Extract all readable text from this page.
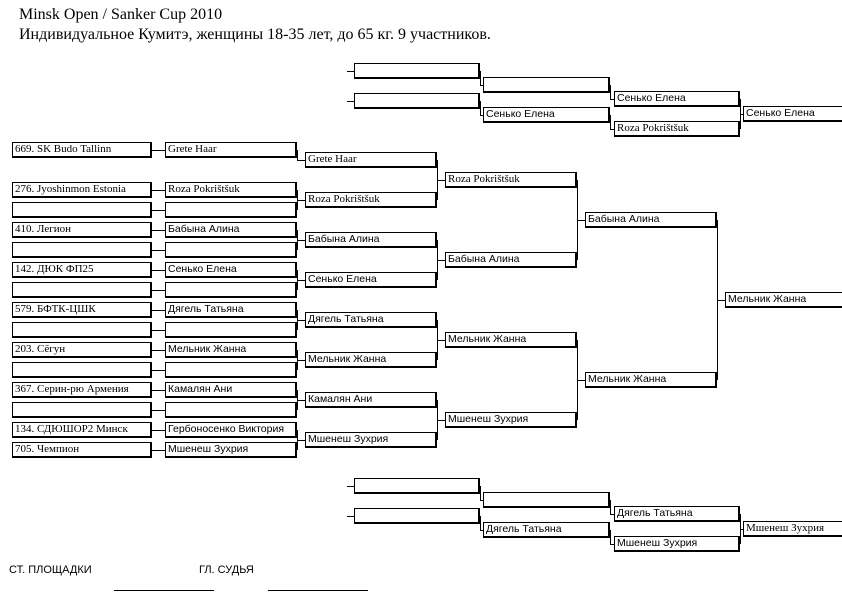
Minsk Open / Sanker Cup 2010
Индивидуальное Кумитэ, женщины 18-35 лет, до 65 кг. 9 участников.
669. SK Budo Tallinn
276. Jyoshinmon Estonia
410. Легион
142. ДЮК ФП25
579. БФТК-ЦШК
203. Сёгун
367. Серин-рю Армения
134. СДЮШОР2 Минск
705. Чемпион
Grete Haar
Roza Pokrištšuk
Бабына Алина
Сенько Елена
Дягель Татьяна
Мельник Жанна
Камалян Ани
Гербоносенко Виктория
Мшенеш Зухрия
Grete Haar
Roza Pokrištšuk
Бабына Алина
Сенько Елена
Дягель Татьяна
Мельник Жанна
Камалян Ани
Мшенеш Зухрия
Roza Pokrištšuk
Бабына Алина
Мельник Жанна
Мшенеш Зухрия
Бабына Алина
Мельник Жанна
Мельник Жанна
Сенько Елена
Сенько Елена
Roza Pokrištšuk
Сенько Елена
Дягель Татьяна
Дягель Татьяна
Мшенеш Зухрия
Мшенеш Зухрия
СТ. ПЛОЩАДКИ	ГЛ. СУДЬЯ
